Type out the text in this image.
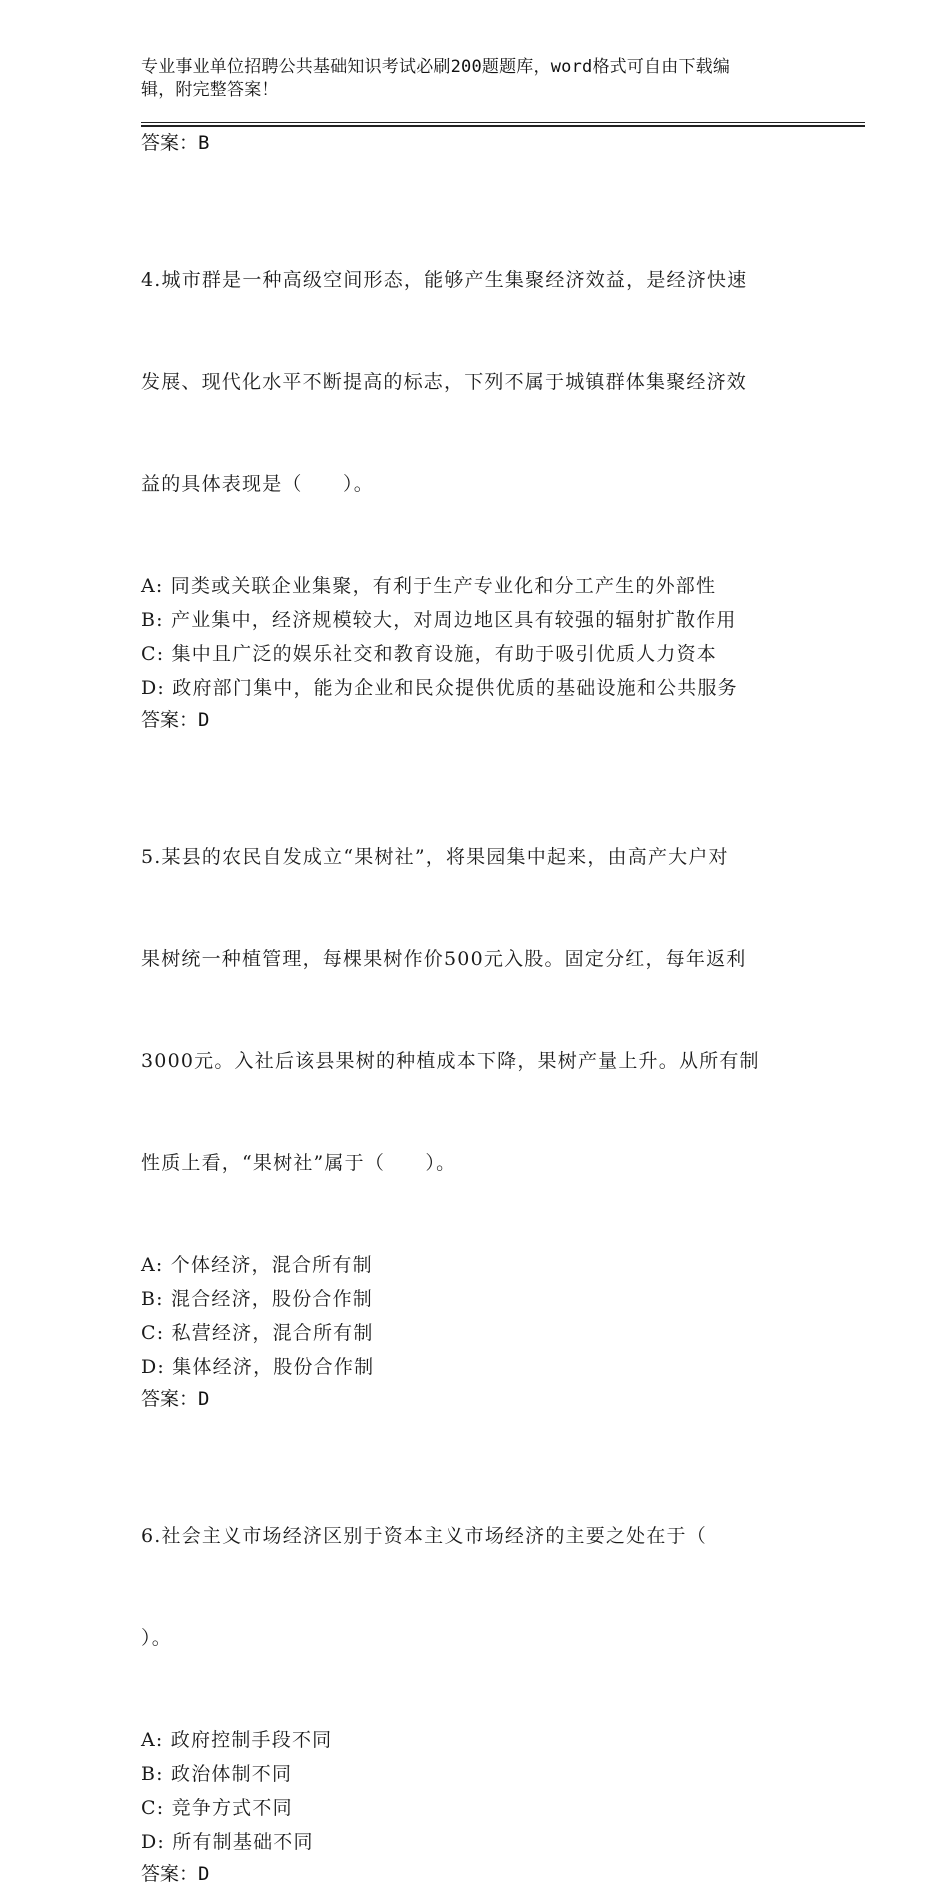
专业事业单位招聘公共基础知识考试必刷200题题库，word格式可自由下载编
辑，附完整答案！
答案：B

4.城市群是一种高级空间形态，能够产生集聚经济效益，是经济快速

发展、现代化水平不断提高的标志，下列不属于城镇群体集聚经济效

益的具体表现是（　　）。

A: 同类或关联企业集聚，有利于生产专业化和分工产生的外部性
B: 产业集中，经济规模较大，对周边地区具有较强的辐射扩散作用
C: 集中且广泛的娱乐社交和教育设施，有助于吸引优质人力资本
D: 政府部门集中，能为企业和民众提供优质的基础设施和公共服务
答案：D

5.某县的农民自发成立“果树社”，将果园集中起来，由高产大户对

果树统一种植管理，每棵果树作价500元入股。固定分红，每年返利

3000元。入社后该县果树的种植成本下降，果树产量上升。从所有制

性质上看，“果树社”属于（　　）。

A: 个体经济，混合所有制
B: 混合经济，股份合作制
C: 私营经济，混合所有制
D: 集体经济，股份合作制
答案：D

6.社会主义市场经济区别于资本主义市场经济的主要之处在于（

）。

A: 政府控制手段不同
B: 政治体制不同
C: 竞争方式不同
D: 所有制基础不同
答案：D
